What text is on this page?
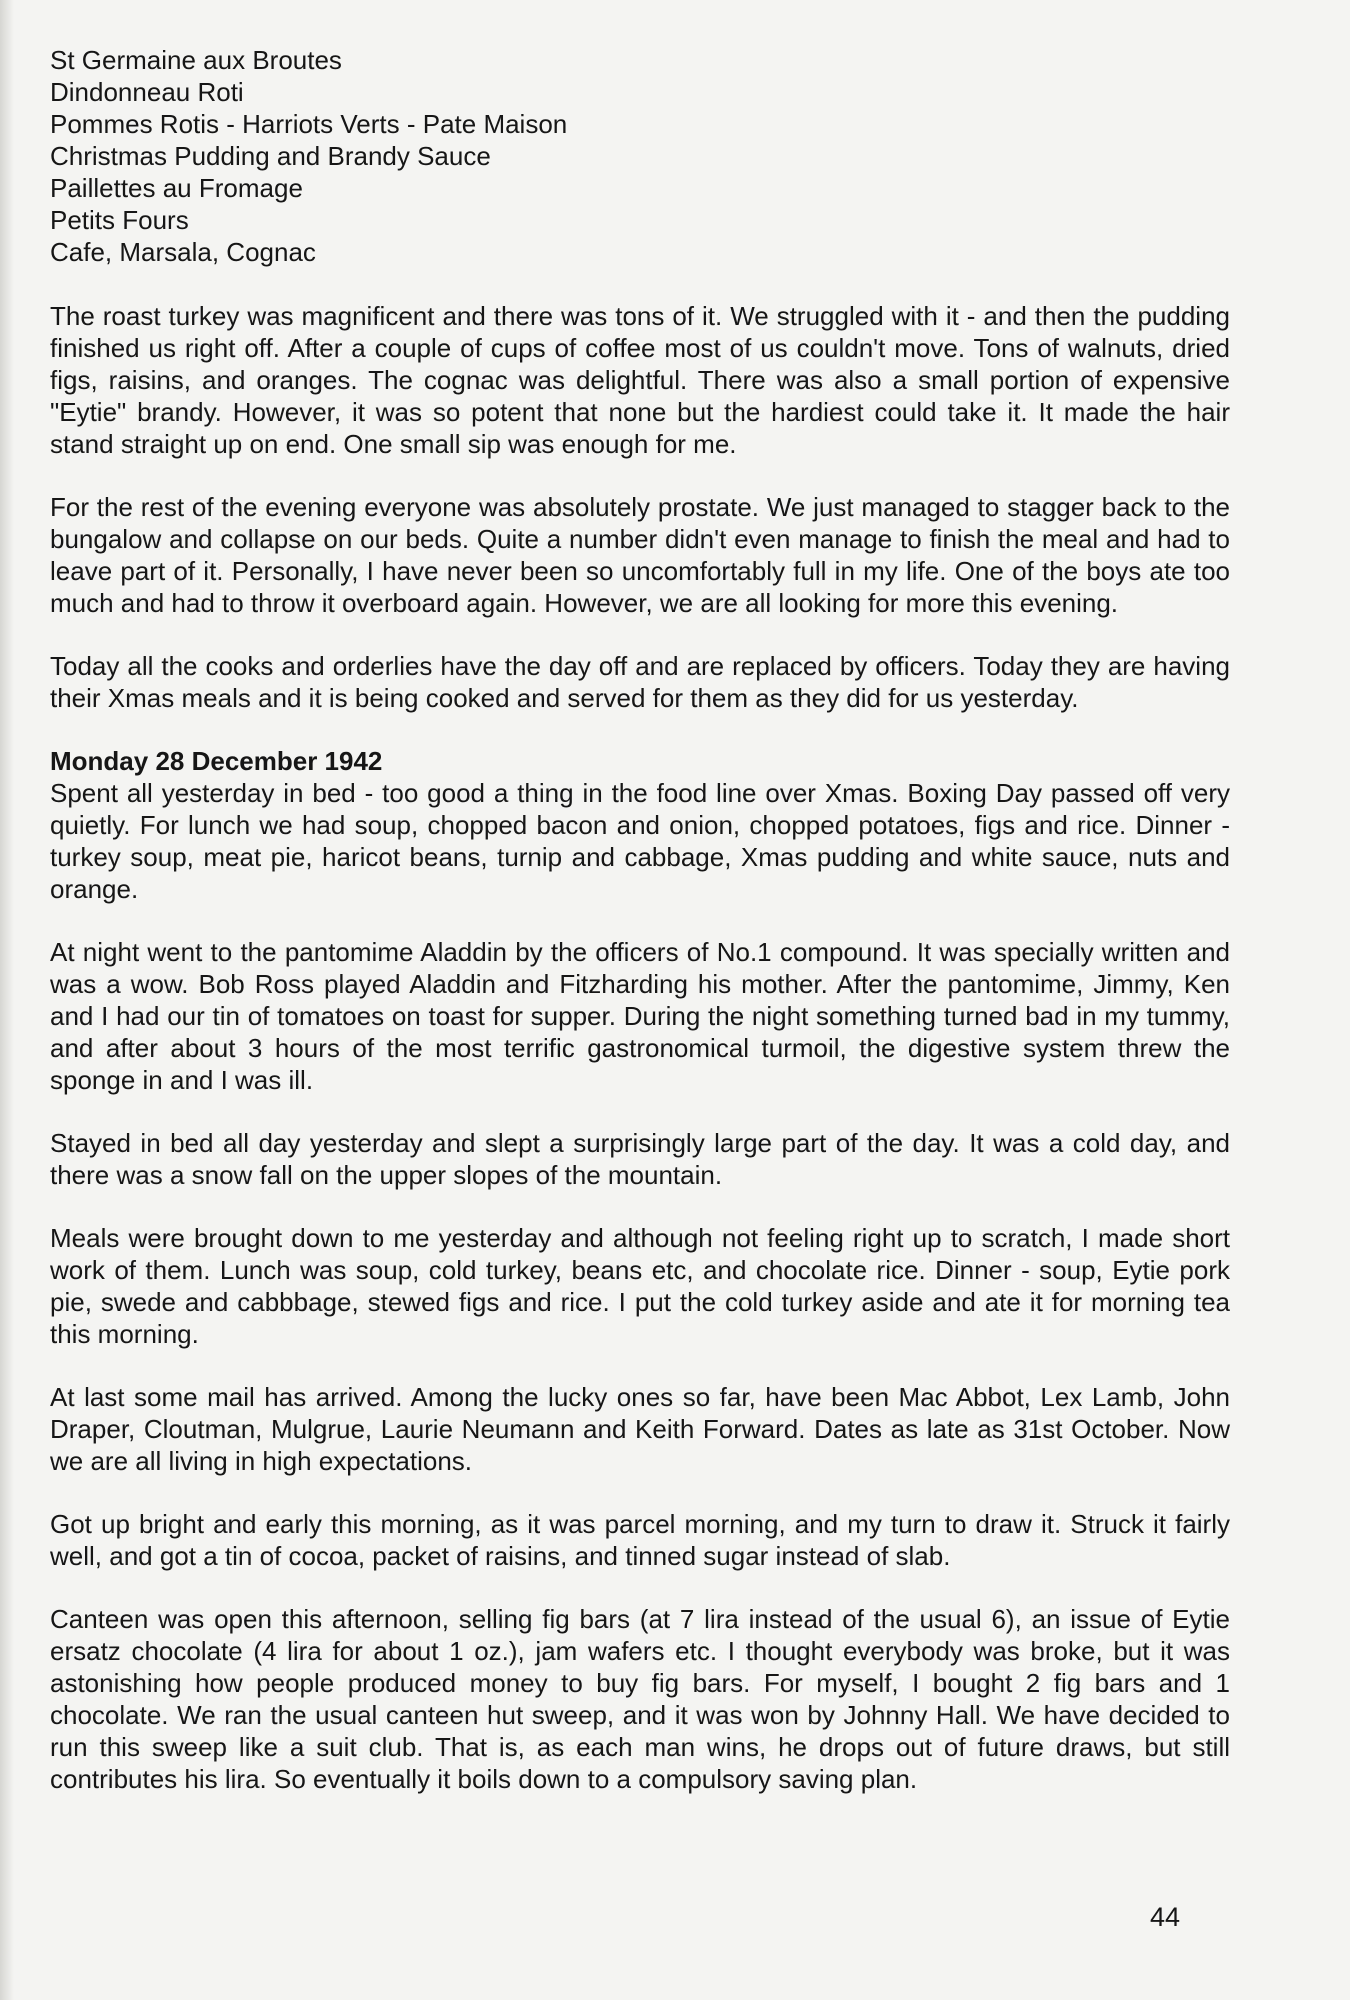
St Germaine aux Broutes
Dindonneau Roti
Pommes Rotis - Harriots Verts - Pate Maison
Christmas Pudding and Brandy Sauce
Paillettes au Fromage
Petits Fours
Cafe, Marsala, Cognac

The roast turkey was magnificent and there was tons of it. We struggled with it - and then the pudding finished us right off. After a couple of cups of coffee most of us couldn't move. Tons of walnuts, dried figs, raisins, and oranges. The cognac was delightful. There was also a small portion of expensive "Eytie" brandy. However, it was so potent that none but the hardiest could take it. It made the hair stand straight up on end. One small sip was enough for me.

For the rest of the evening everyone was absolutely prostate. We just managed to stagger back to the bungalow and collapse on our beds. Quite a number didn't even manage to finish the meal and had to leave part of it. Personally, I have never been so uncomfortably full in my life. One of the boys ate too much and had to throw it overboard again. However, we are all looking for more this evening.

Today all the cooks and orderlies have the day off and are replaced by officers. Today they are having their Xmas meals and it is being cooked and served for them as they did for us yesterday.

Monday 28 December 1942

Spent all yesterday in bed - too good a thing in the food line over Xmas. Boxing Day passed off very quietly. For lunch we had soup, chopped bacon and onion, chopped potatoes, figs and rice. Dinner - turkey soup, meat pie, haricot beans, turnip and cabbage, Xmas pudding and white sauce, nuts and orange.

At night went to the pantomime Aladdin by the officers of No.1 compound. It was specially written and was a wow. Bob Ross played Aladdin and Fitzharding his mother. After the pantomime, Jimmy, Ken and I had our tin of tomatoes on toast for supper. During the night something turned bad in my tummy, and after about 3 hours of the most terrific gastronomical turmoil, the digestive system threw the sponge in and I was ill.

Stayed in bed all day yesterday and slept a surprisingly large part of the day. It was a cold day, and there was a snow fall on the upper slopes of the mountain.

Meals were brought down to me yesterday and although not feeling right up to scratch, I made short work of them. Lunch was soup, cold turkey, beans etc, and chocolate rice. Dinner - soup, Eytie pork pie, swede and cabbbage, stewed figs and rice. I put the cold turkey aside and ate it for morning tea this morning.

At last some mail has arrived. Among the lucky ones so far, have been Mac Abbot, Lex Lamb, John Draper, Cloutman, Mulgrue, Laurie Neumann and Keith Forward. Dates as late as 31st October. Now we are all living in high expectations.

Got up bright and early this morning, as it was parcel morning, and my turn to draw it. Struck it fairly well, and got a tin of cocoa, packet of raisins, and tinned sugar instead of slab.

Canteen was open this afternoon, selling fig bars (at 7 lira instead of the usual 6), an issue of Eytie ersatz chocolate (4 lira for about 1 oz.), jam wafers etc. I thought everybody was broke, but it was astonishing how people produced money to buy fig bars. For myself, I bought 2 fig bars and 1 chocolate. We ran the usual canteen hut sweep, and it was won by Johnny Hall. We have decided to run this sweep like a suit club. That is, as each man wins, he drops out of future draws, but still contributes his lira. So eventually it boils down to a compulsory saving plan.

44
